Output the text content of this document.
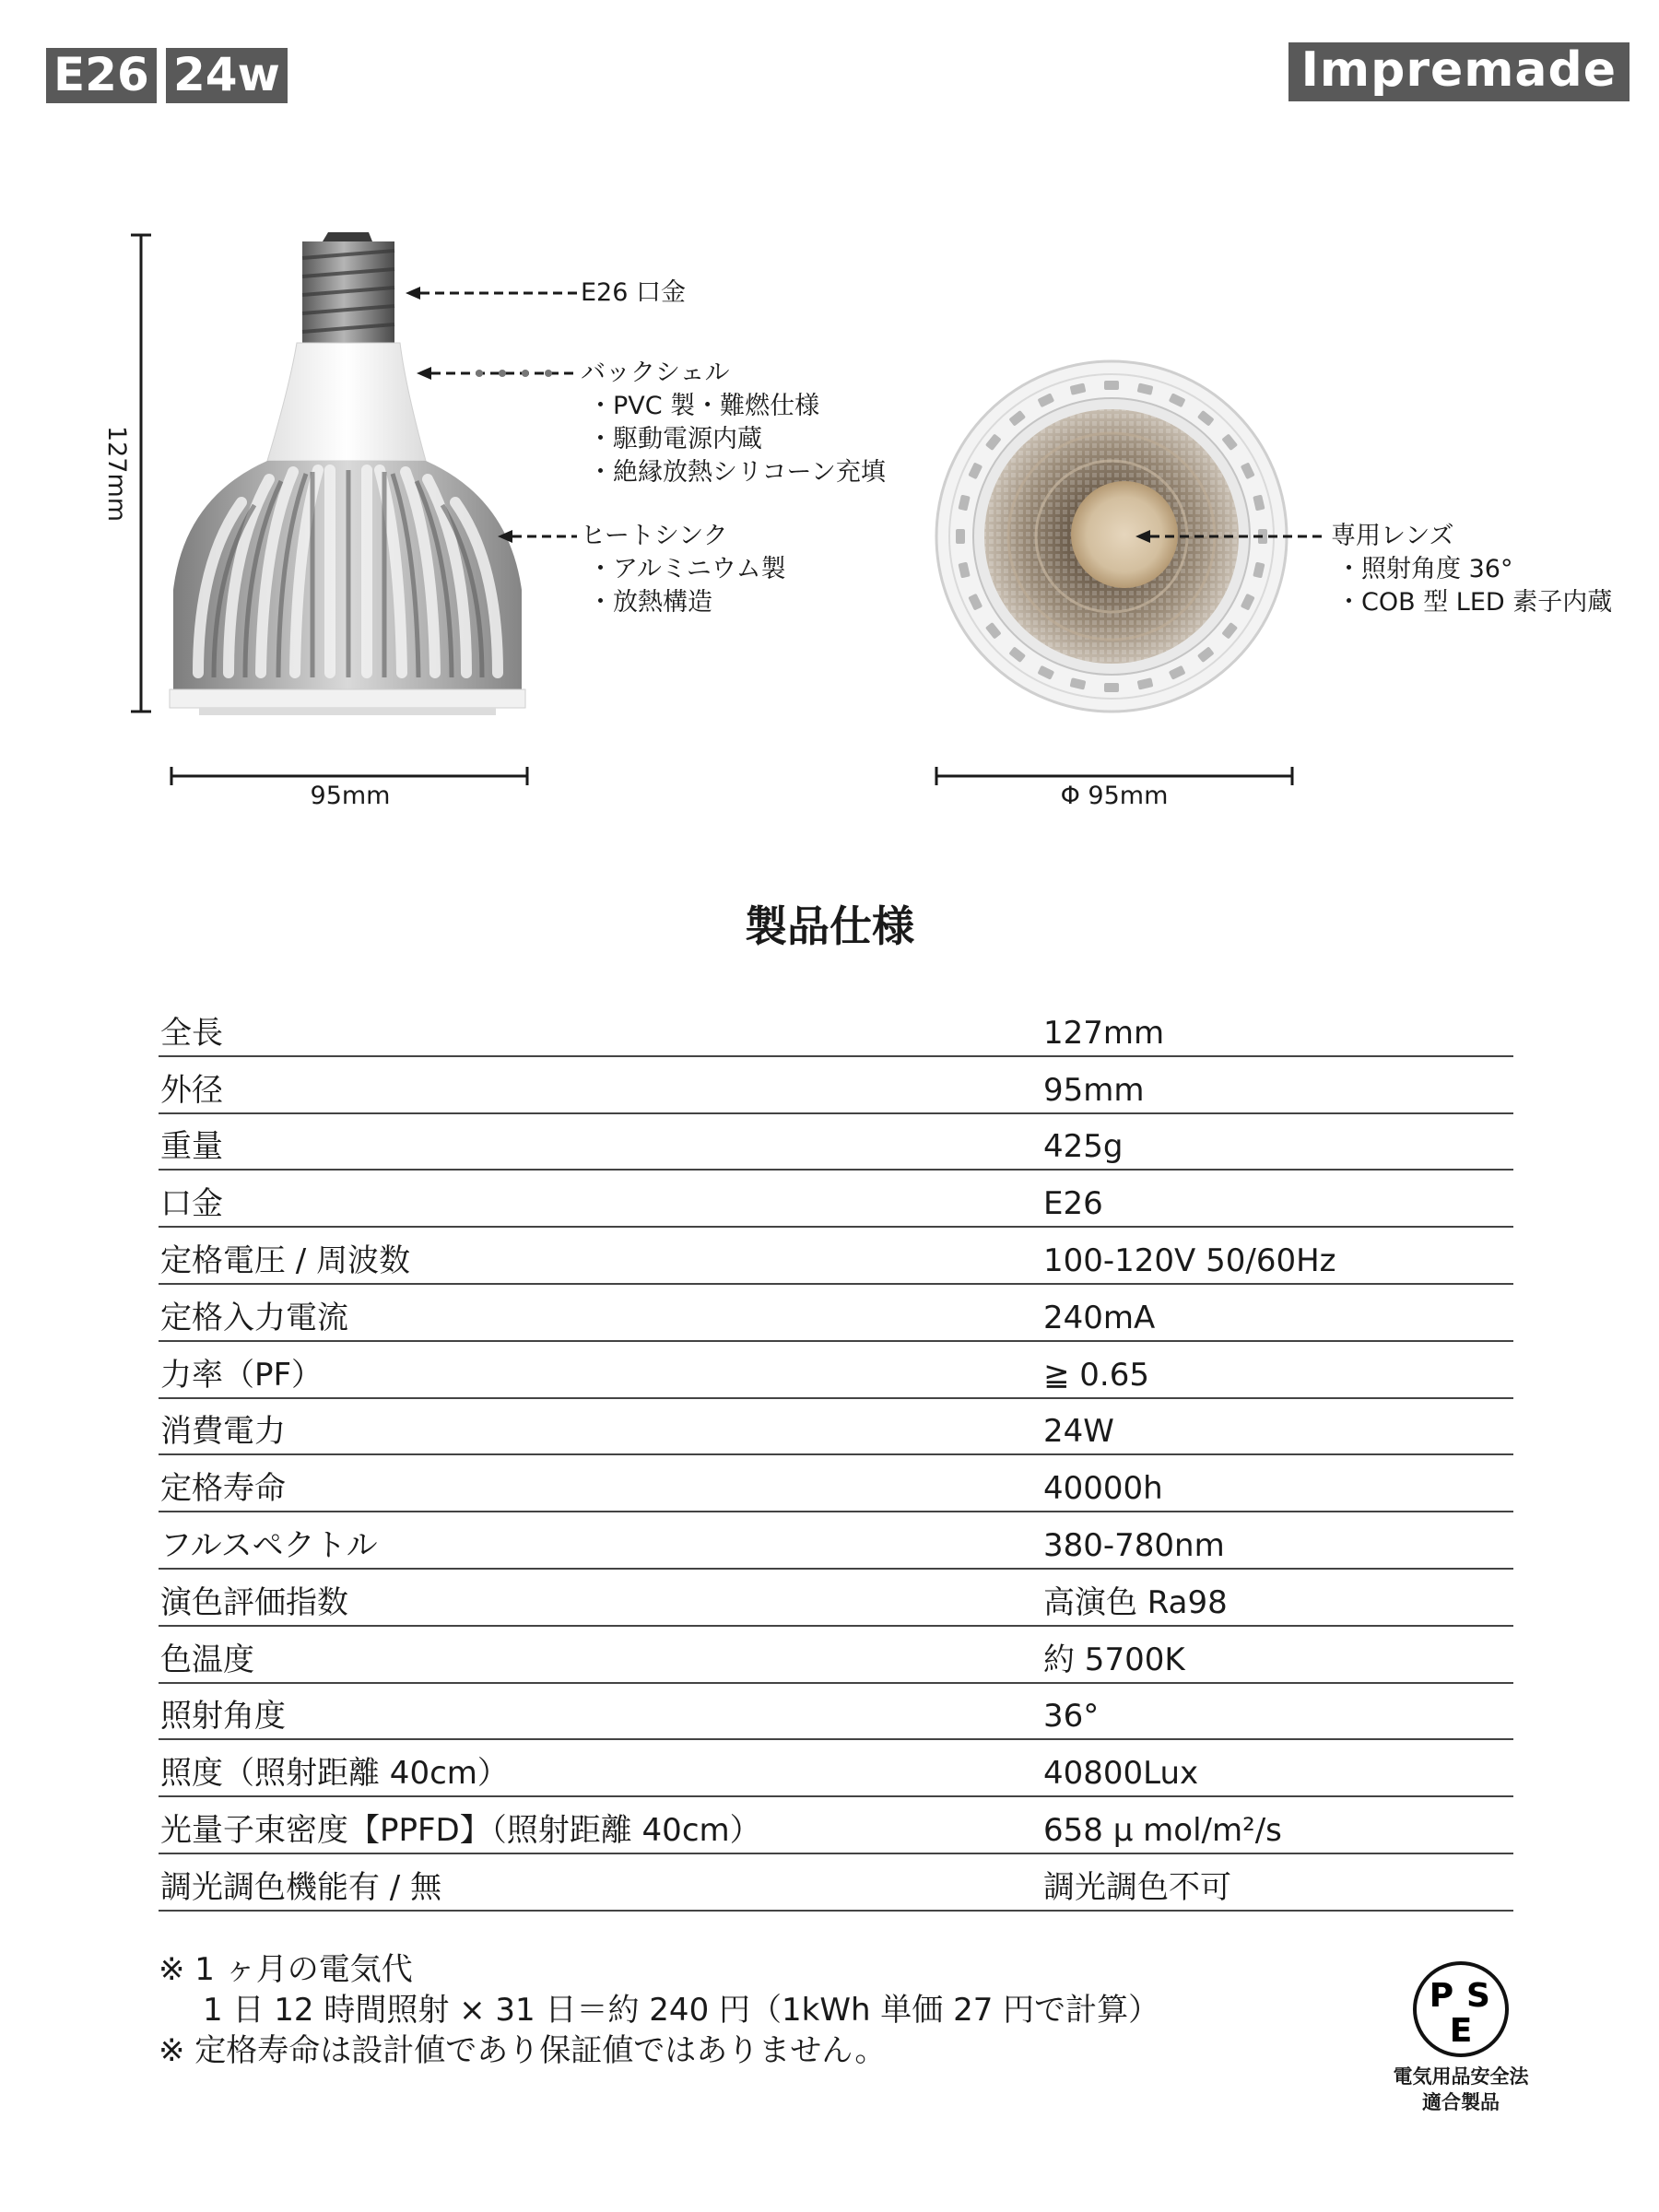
E26 24w	Impremade
127mm
95mm	Φ 95mm
E26 口金
バックシェル
・PVC 製・難燃仕様
・駆動電源内蔵
・絶縁放熱シリコーン充填
ヒートシンク
・アルミニウム製
・放熱構造
専用レンズ
・照射角度 36°
・COB 型 LED 素子内蔵
製品仕様
全長	127mm
外径	95mm
重量	425g
口金	E26
定格電圧 / 周波数	100-120V 50/60Hz
定格入力電流	240mA
力率（PF）	≧ 0.65
消費電力	24W
定格寿命	40000h
フルスペクトル	380-780nm
演色評価指数	高演色 Ra98
色温度	約 5700K
照射角度	36°
照度（照射距離 40cm）	40800Lux
光量子束密度【PPFD】（照射距離 40cm）	658 μ mol/m²/s
調光調色機能有 / 無	調光調色不可
※ 1 ヶ月の電気代
1 日 12 時間照射 × 31 日＝約 240 円（1kWh 単価 27 円で計算）
※ 定格寿命は設計値であり保証値ではありません。
P S
E
電気用品安全法
適合製品
